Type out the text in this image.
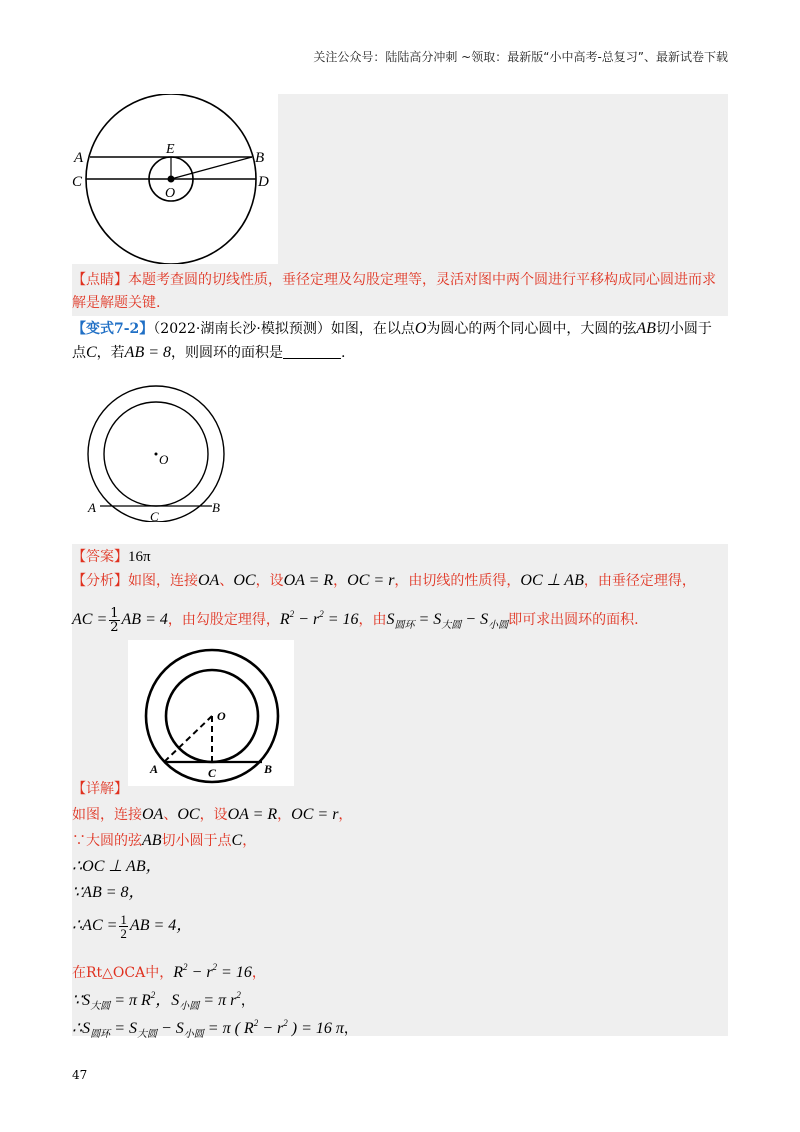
关注公众号：陆陆高分冲刺 ~领取：最新版“小中高考-总复习”、最新试卷下载
A	B
C	D
E
O
【点睛】本题考查圆的切线性质，垂径定理及勾股定理等，灵活对图中两个圆进行平移构成同心圆进而求
解是解题关键.
【变式7-2】（2022·湖南长沙·模拟预测）如图，在以点O为圆心的两个同心圆中，大圆的弦AB切小圆于
点C，若AB = 8，则圆环的面积是	.
O
A
C
B
【答案】16π
【分析】如图，连接OA、OC，设OA = R，OC = r，由切线的性质得，OC ⊥ AB，由垂径定理得，
AC = $\frac{1}{2}$ AB = 4，由勾股定理得，$R^2 - r^2 = 16$，由$S_{圆环} = S_{大圆} - S_{小圆}$即可求出圆环的面积.
O
A	C	B
【详解】
如图，连接OA、OC，设OA = R，OC = r，
∵大圆的弦AB切小圆于点C，
∴OC ⊥ AB，
∵AB = 8，
∴AC = $\frac{1}{2}$ AB = 4，
在Rt△OCA中，$R^2 - r^2 = 16$，
$\because S_{大圆} = \pi$ $R^2$，$S_{小圆} = \pi$ $r^2$，
$\therefore S_{圆环} = S_{大圆} - S_{小圆} = \pi$ ( $R^2 - r^2$ ) = 16 π，
47
